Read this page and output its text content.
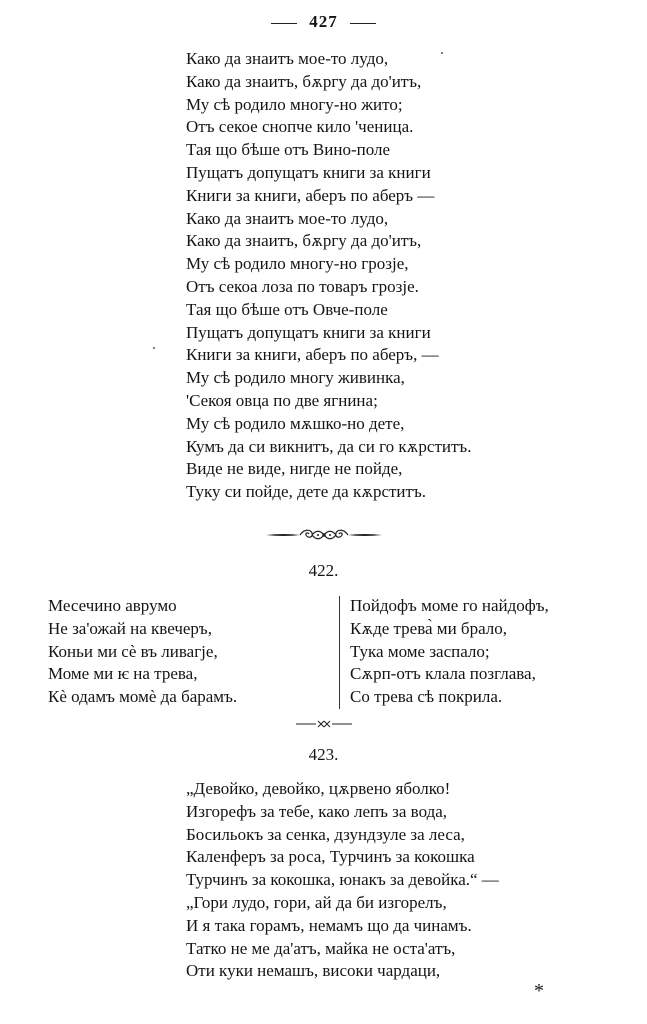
427
Како да знаитъ мое-то лудо,
Како да знаитъ, бѫргу да до'итъ,
Му сѣ родило многу-но жито;
Отъ секое снопче кило 'ченица.
Тая що бѣше отъ Вино-поле
Пущатъ допущатъ книги за книги
Книги за книги, аберъ по аберъ —
Како да знаитъ мое-то лудо,
Како да знаитъ, бѫргу да до'итъ,
Му сѣ родило многу-но грозје,
Отъ секоа лоза по товаръ грозје.
Тая що бѣше отъ Овче-поле
Пущатъ допущатъ книги за книги
Книги за книги, аберъ по аберъ, —
Му сѣ родило многу живинка,
'Секоя овца по две ягнина;
Му сѣ родило мѫшко-но дете,
Кумъ да си викнитъ, да си го кѫрститъ.
Виде не виде, нигде не пойде,
Туку си пойде, дете да кѫрститъ.
422.
Месечино аврумо
Не за'ожай на квечеръ,
Коньи ми сѐ въ ливагје,
Моме ми ѥ на трева,
Кѐ одамъ момѐ да барамъ.
Пойдофъ моме го найдофъ,
Кѫде трева̀ ми брало,
Тука моме заспало;
Сѫрп-отъ клала позглава,
Со трева сѣ покрила.
423.
„Девойко, девойко, цѫрвено яболко!
Изгорефъ за тебе, како лепъ за вода,
Босильокъ за сенка, дзундзуле за леса,
Каленферъ за роса, Турчинъ за кокошка
Турчинъ за кокошка, юнакъ за девойка.“ —
„Гори лудо, гори, ай да би изгорелъ,
И я така горамъ, немамъ що да чинамъ.
Татко не ме да'атъ, майка не оста'атъ,
Оти куки немашъ, високи чардаци,
*
